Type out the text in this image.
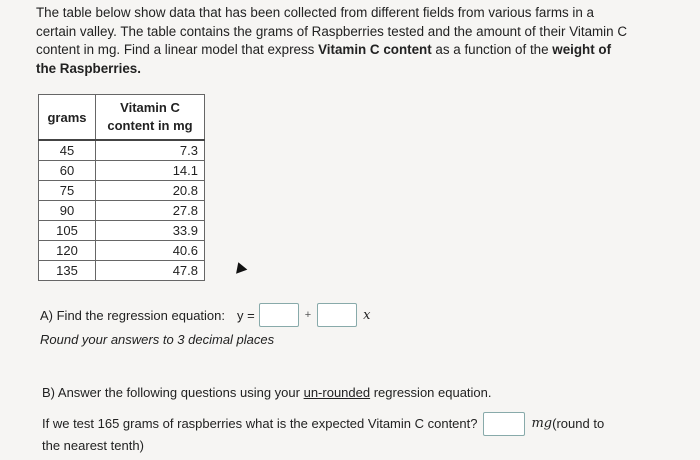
The table below show data that has been collected from different fields from various farms in a
certain valley. The table contains the grams of Raspberries tested and the amount of their Vitamin C
content in mg. Find a linear model that express Vitamin C content as a function of the weight of
the Raspberries.
grams	Vitamin C
content in mg

45	7.3
60	14.1
75	20.8
90	27.8
105	33.9
120	40.6
135	47.8
A) Find the regression equation: y =	+	x
Round your answers to 3 decimal places
B) Answer the following questions using your un-rounded regression equation.
If we test 165 grams of raspberries what is the expected Vitamin C content?	mg (round to
the nearest tenth)
